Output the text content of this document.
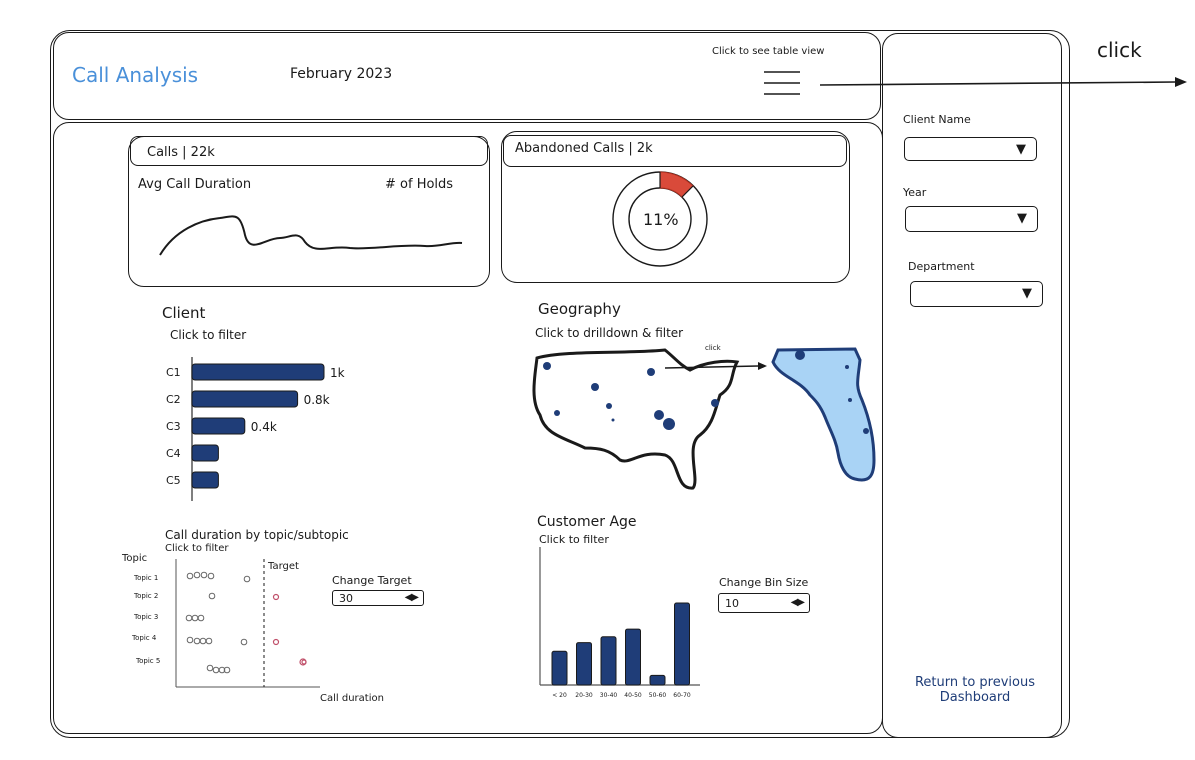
Call Analysis	February 2023
Click to see table view	click
Calls | 22k
Avg Call Duration	# of Holds
Abandoned Calls | 2k
11%
Client
Click to filter
C1	1k
C2	0.8k
C3	0.4k
C4
C5
Geography
Click to drilldown & filter
click
Call duration by topic/subtopic
Click to filter
Topic
Target
Topic 1
Topic 2
Topic 3
Topic 4
Topic 5
Call duration
Change Target
30	◀▶
Customer Age
Click to filter
< 20 20-30 30-40 40-50 50-60 60-70
Change Bin Size
10	◀▶
Client Name
▼
Year
▼
Department
▼
Return to previous
Dashboard
